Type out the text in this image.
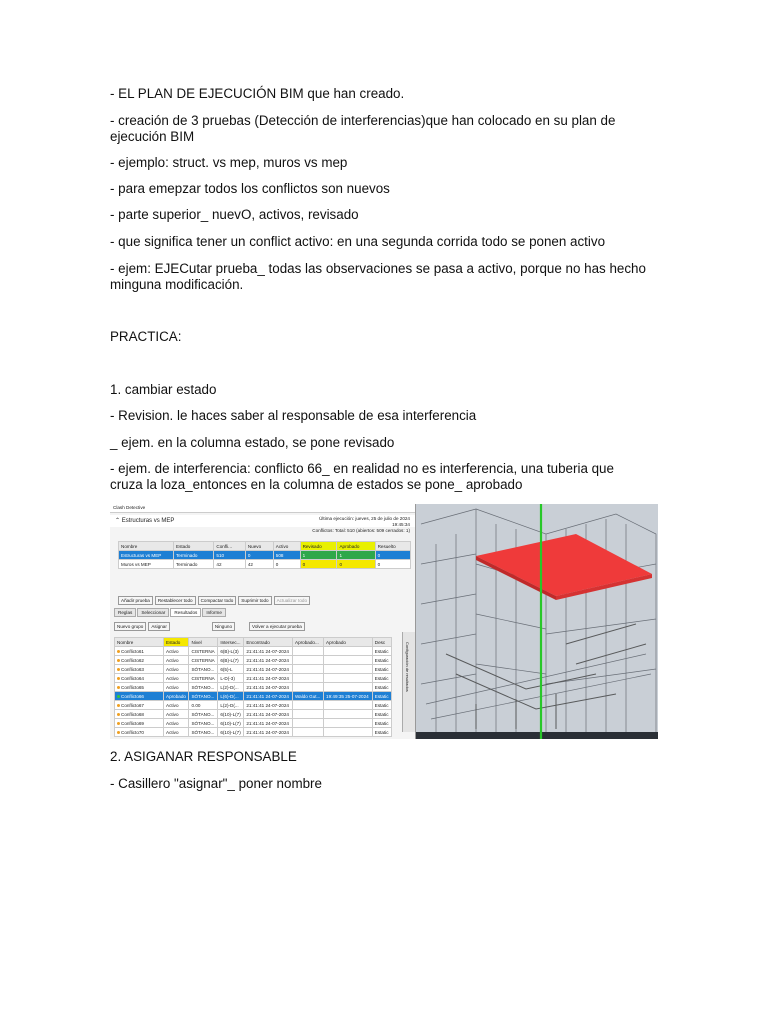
- EL PLAN DE EJECUCIÓN BIM que han creado.
- creación de 3 pruebas (Detección de interferencias)que han colocado en su plan de ejecución BIM
- ejemplo: struct. vs mep, muros vs mep
- para emepzar todos los conflictos son nuevos
- parte superior_ nuevO, activos, revisado
- que significa tener un conflict activo: en una segunda corrida todo se ponen activo
- ejem: EJECutar prueba_ todas las observaciones se pasa a activo, porque no has hecho minguna modificación.
PRACTICA:
1. cambiar estado
- Revision. le haces saber al responsable de esa interferencia
_ ejem. en la columna estado, se pone revisado
- ejem. de interferencia: conflicto 66_ en realidad no es interferencia, una tuberia que cruza la loza_entonces en la columna de estados se pone_ aprobado
Clash Detective
⌃ Estructuras vs MEP	Última ejecución: jueves, 25 de julio de 2024 19:45:34
Conflictos: Total: 510 (abiertos: 509 cerrados: 1)
Nombre	Estado	Confli...	Nuevo	Activo	Revisado	Aprobado	Resuelto
Estructuras vs MEP	Terminado	510	0	508	1	1	0
Muros vs MEP	Terminado	42	42	0	0	0	0
Añadir prueba	Restablecer todo	Compactar todo	Suprimir todo	Actualizar todo
Reglas	Seleccionar	Resultados	Informe
Nuevo grupo	Asignar	Ninguno	Volver a ejecutar prueba
Nombre	Estado	Nivel	Intersec...	Encontrado	Aprobado...	Aprobado	Desc
Conflicto61	Activo	CISTERNA	6(B)-L(3)	21:41:41 24-07-2024			Estatic
Conflicto62	Activo	CISTERNA	6(B)-L(7)	21:41:41 24-07-2024			Estatic
Conflicto63	Activo	SÓTANO...	6(5)-L	21:41:41 24-07-2024			Estatic
Conflicto64	Activo	CISTERNA	L-D(-3)	21:41:41 24-07-2024			Estatic
Conflicto65	Activo	SÓTANO...	L(2)-D(...	21:41:41 24-07-2024			Estatic
Conflicto66	Aprobado	SÓTANO...	L(6)-D(...	21:41:41 24-07-2024	Waldo Gut...	19:49:35 25-07-2024	Estatic
Conflicto67	Activo	0.00	L(2)-D(...	21:41:41 24-07-2024			Estatic
Conflicto68	Activo	SÓTANO...	6(10)-L(7)	21:41:41 24-07-2024			Estatic
Conflicto69	Activo	SÓTANO...	6(10)-L(7)	21:41:41 24-07-2024			Estatic
Conflicto70	Activo	SÓTANO...	6(10)-L(7)	21:41:41 24-07-2024			Estatic
Configuración de resultados
2. ASIGANAR RESPONSABLE
- Casillero "asignar"_ poner nombre
